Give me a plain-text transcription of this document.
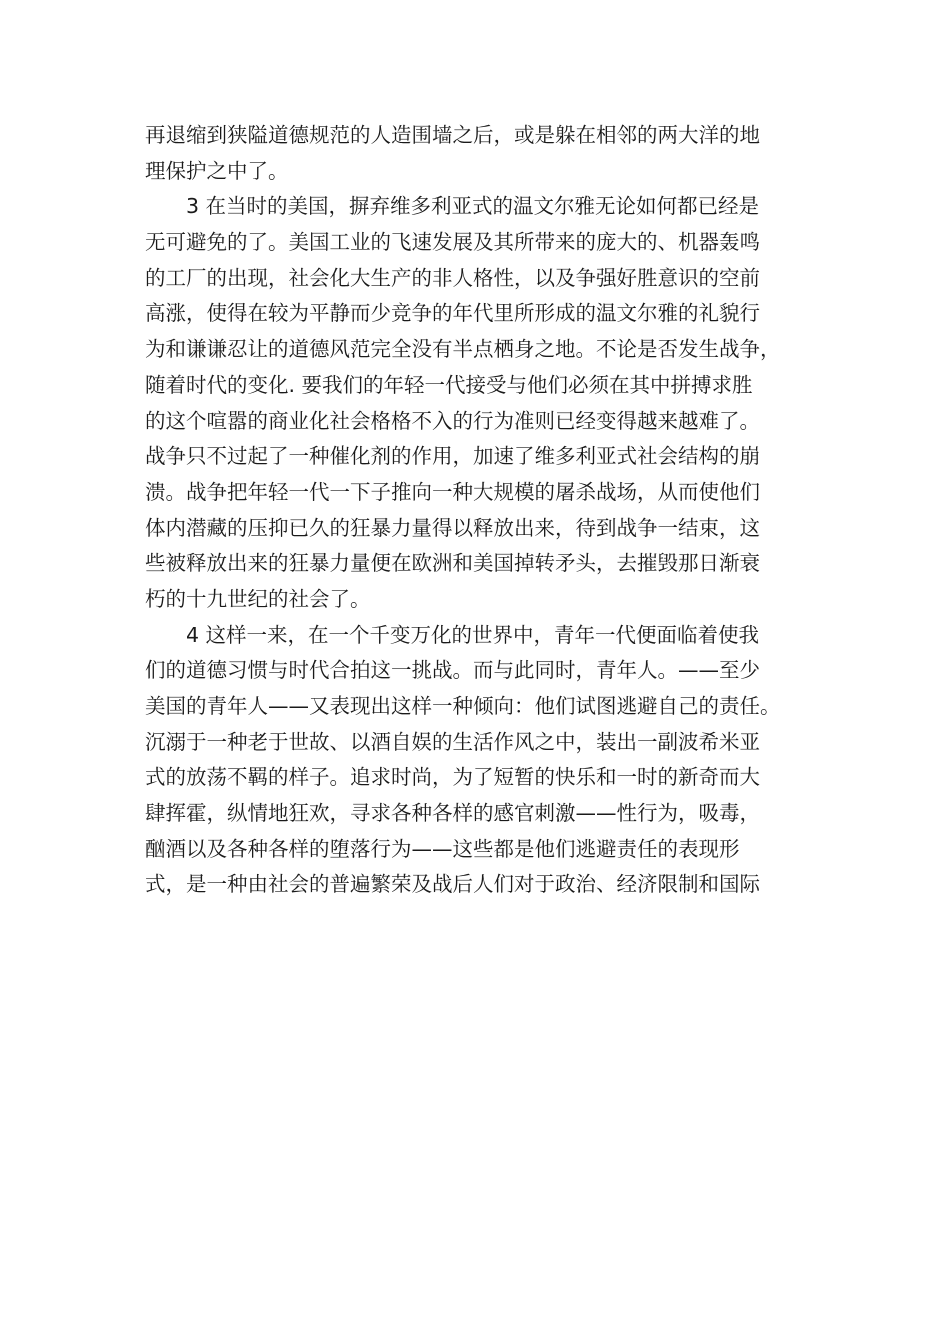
再退缩到狭隘道德规范的人造围墙之后，或是躲在相邻的两大洋的地
理保护之中了。
3 在当时的美国，摒弃维多利亚式的温文尔雅无论如何都已经是
无可避免的了。美国工业的飞速发展及其所带来的庞大的、机器轰鸣
的工厂的出现，社会化大生产的非人格性，以及争强好胜意识的空前
高涨，使得在较为平静而少竞争的年代里所形成的温文尔雅的礼貌行
为和谦谦忍让的道德风范完全没有半点栖身之地。不论是否发生战争，
随着时代的变化. 要我们的年轻一代接受与他们必须在其中拼搏求胜
的这个喧嚣的商业化社会格格不入的行为准则已经变得越来越难了。
战争只不过起了一种催化剂的作用，加速了维多利亚式社会结构的崩
溃。战争把年轻一代一下子推向一种大规模的屠杀战场，从而使他们
体内潜藏的压抑已久的狂暴力量得以释放出来，待到战争一结束，这
些被释放出来的狂暴力量便在欧洲和美国掉转矛头，去摧毁那日渐衰
朽的十九世纪的社会了。
4 这样一来，在一个千变万化的世界中，青年一代便面临着使我
们的道德习惯与时代合拍这一挑战。而与此同时，青年人。——至少
美国的青年人——又表现出这样一种倾向：他们试图逃避自己的责任。
沉溺于一种老于世故、以酒自娱的生活作风之中，装出一副波希米亚
式的放荡不羁的样子。追求时尚，为了短暂的快乐和一时的新奇而大
肆挥霍，纵情地狂欢，寻求各种各样的感官刺激——性行为，吸毒，
酗酒以及各种各样的堕落行为——这些都是他们逃避责任的表现形
式，是一种由社会的普遍繁荣及战后人们对于政治、经济限制和国际
